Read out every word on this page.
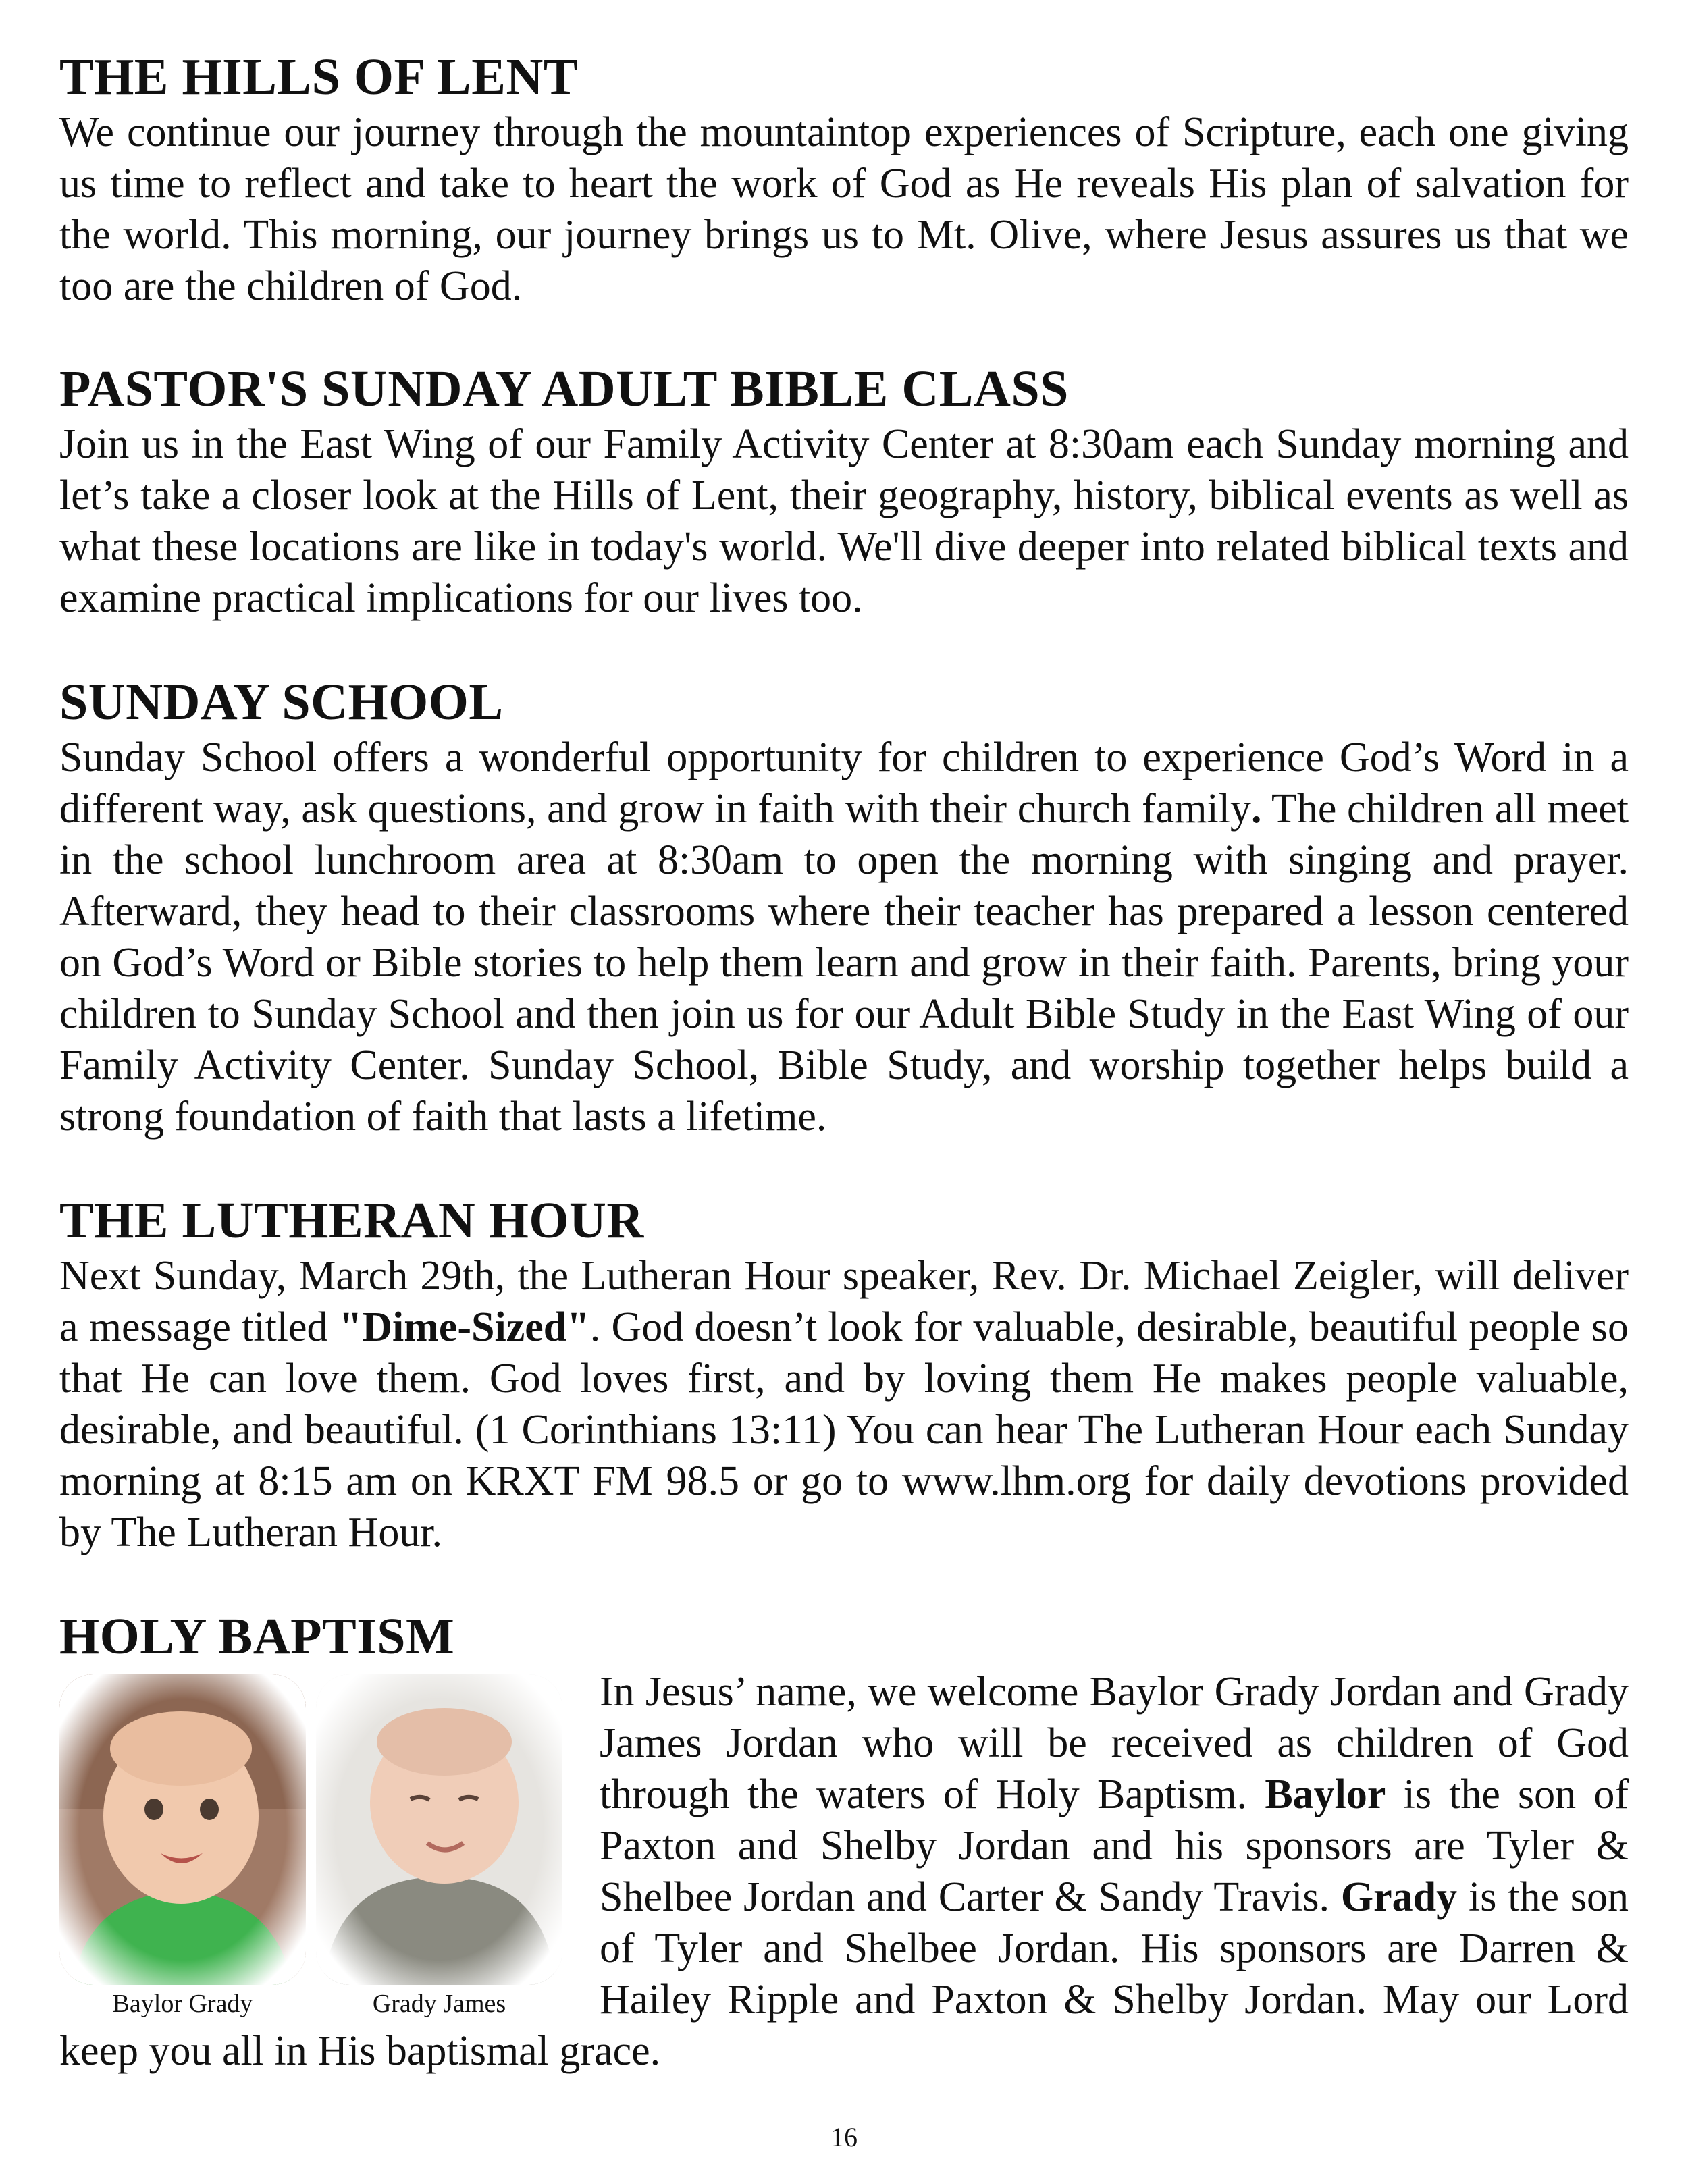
THE HILLS OF LENT

We continue our journey through the mountaintop experiences of Scripture, each one giving us time to reflect and take to heart the work of God as He reveals His plan of salvation for the world. This morning, our journey brings us to Mt. Olive, where Jesus assures us that we too are the children of God.

PASTOR'S SUNDAY ADULT BIBLE CLASS

Join us in the East Wing of our Family Activity Center at 8:30am each Sunday morning and let’s take a closer look at the Hills of Lent, their geography, history, biblical events as well as what these locations are like in today's world. We'll dive deeper into related biblical texts and examine practical implications for our lives too.

SUNDAY SCHOOL

Sunday School offers a wonderful opportunity for children to experience God’s Word in a different way, ask questions, and grow in faith with their church family. The children all meet in the school lunchroom area at 8:30am to open the morning with singing and prayer. Afterward, they head to their classrooms where their teacher has prepared a lesson centered on God’s Word or Bible stories to help them learn and grow in their faith. Parents, bring your children to Sunday School and then join us for our Adult Bible Study in the East Wing of our Family Activity Center. Sunday School, Bible Study, and worship together helps build a strong foundation of faith that lasts a lifetime.

THE LUTHERAN HOUR

Next Sunday, March 29th, the Lutheran Hour speaker, Rev. Dr. Michael Zeigler, will deliver a message titled "Dime-Sized". God doesn’t look for valuable, desirable, beautiful people so that He can love them. God loves first, and by loving them He makes people valuable, desirable, and beautiful. (1 Corinthians 13:11) You can hear The Lutheran Hour each Sunday morning at 8:15 am on KRXT FM 98.5 or go to www.lhm.org for daily devotions provided by The Lutheran Hour.

HOLY BAPTISM
Baylor Grady	Grady James

In Jesus’ name, we welcome Baylor Grady Jordan and Grady James Jordan who will be received as children of God through the waters of Holy Baptism. Baylor is the son of Paxton and Shelby Jordan and his sponsors are Tyler & Shelbee Jordan and Carter & Sandy Travis. Grady is the son of Tyler and Shelbee Jordan. His sponsors are Darren & Hailey Ripple and Paxton & Shelby Jordan. May our Lord keep you all in His baptismal grace.

16
